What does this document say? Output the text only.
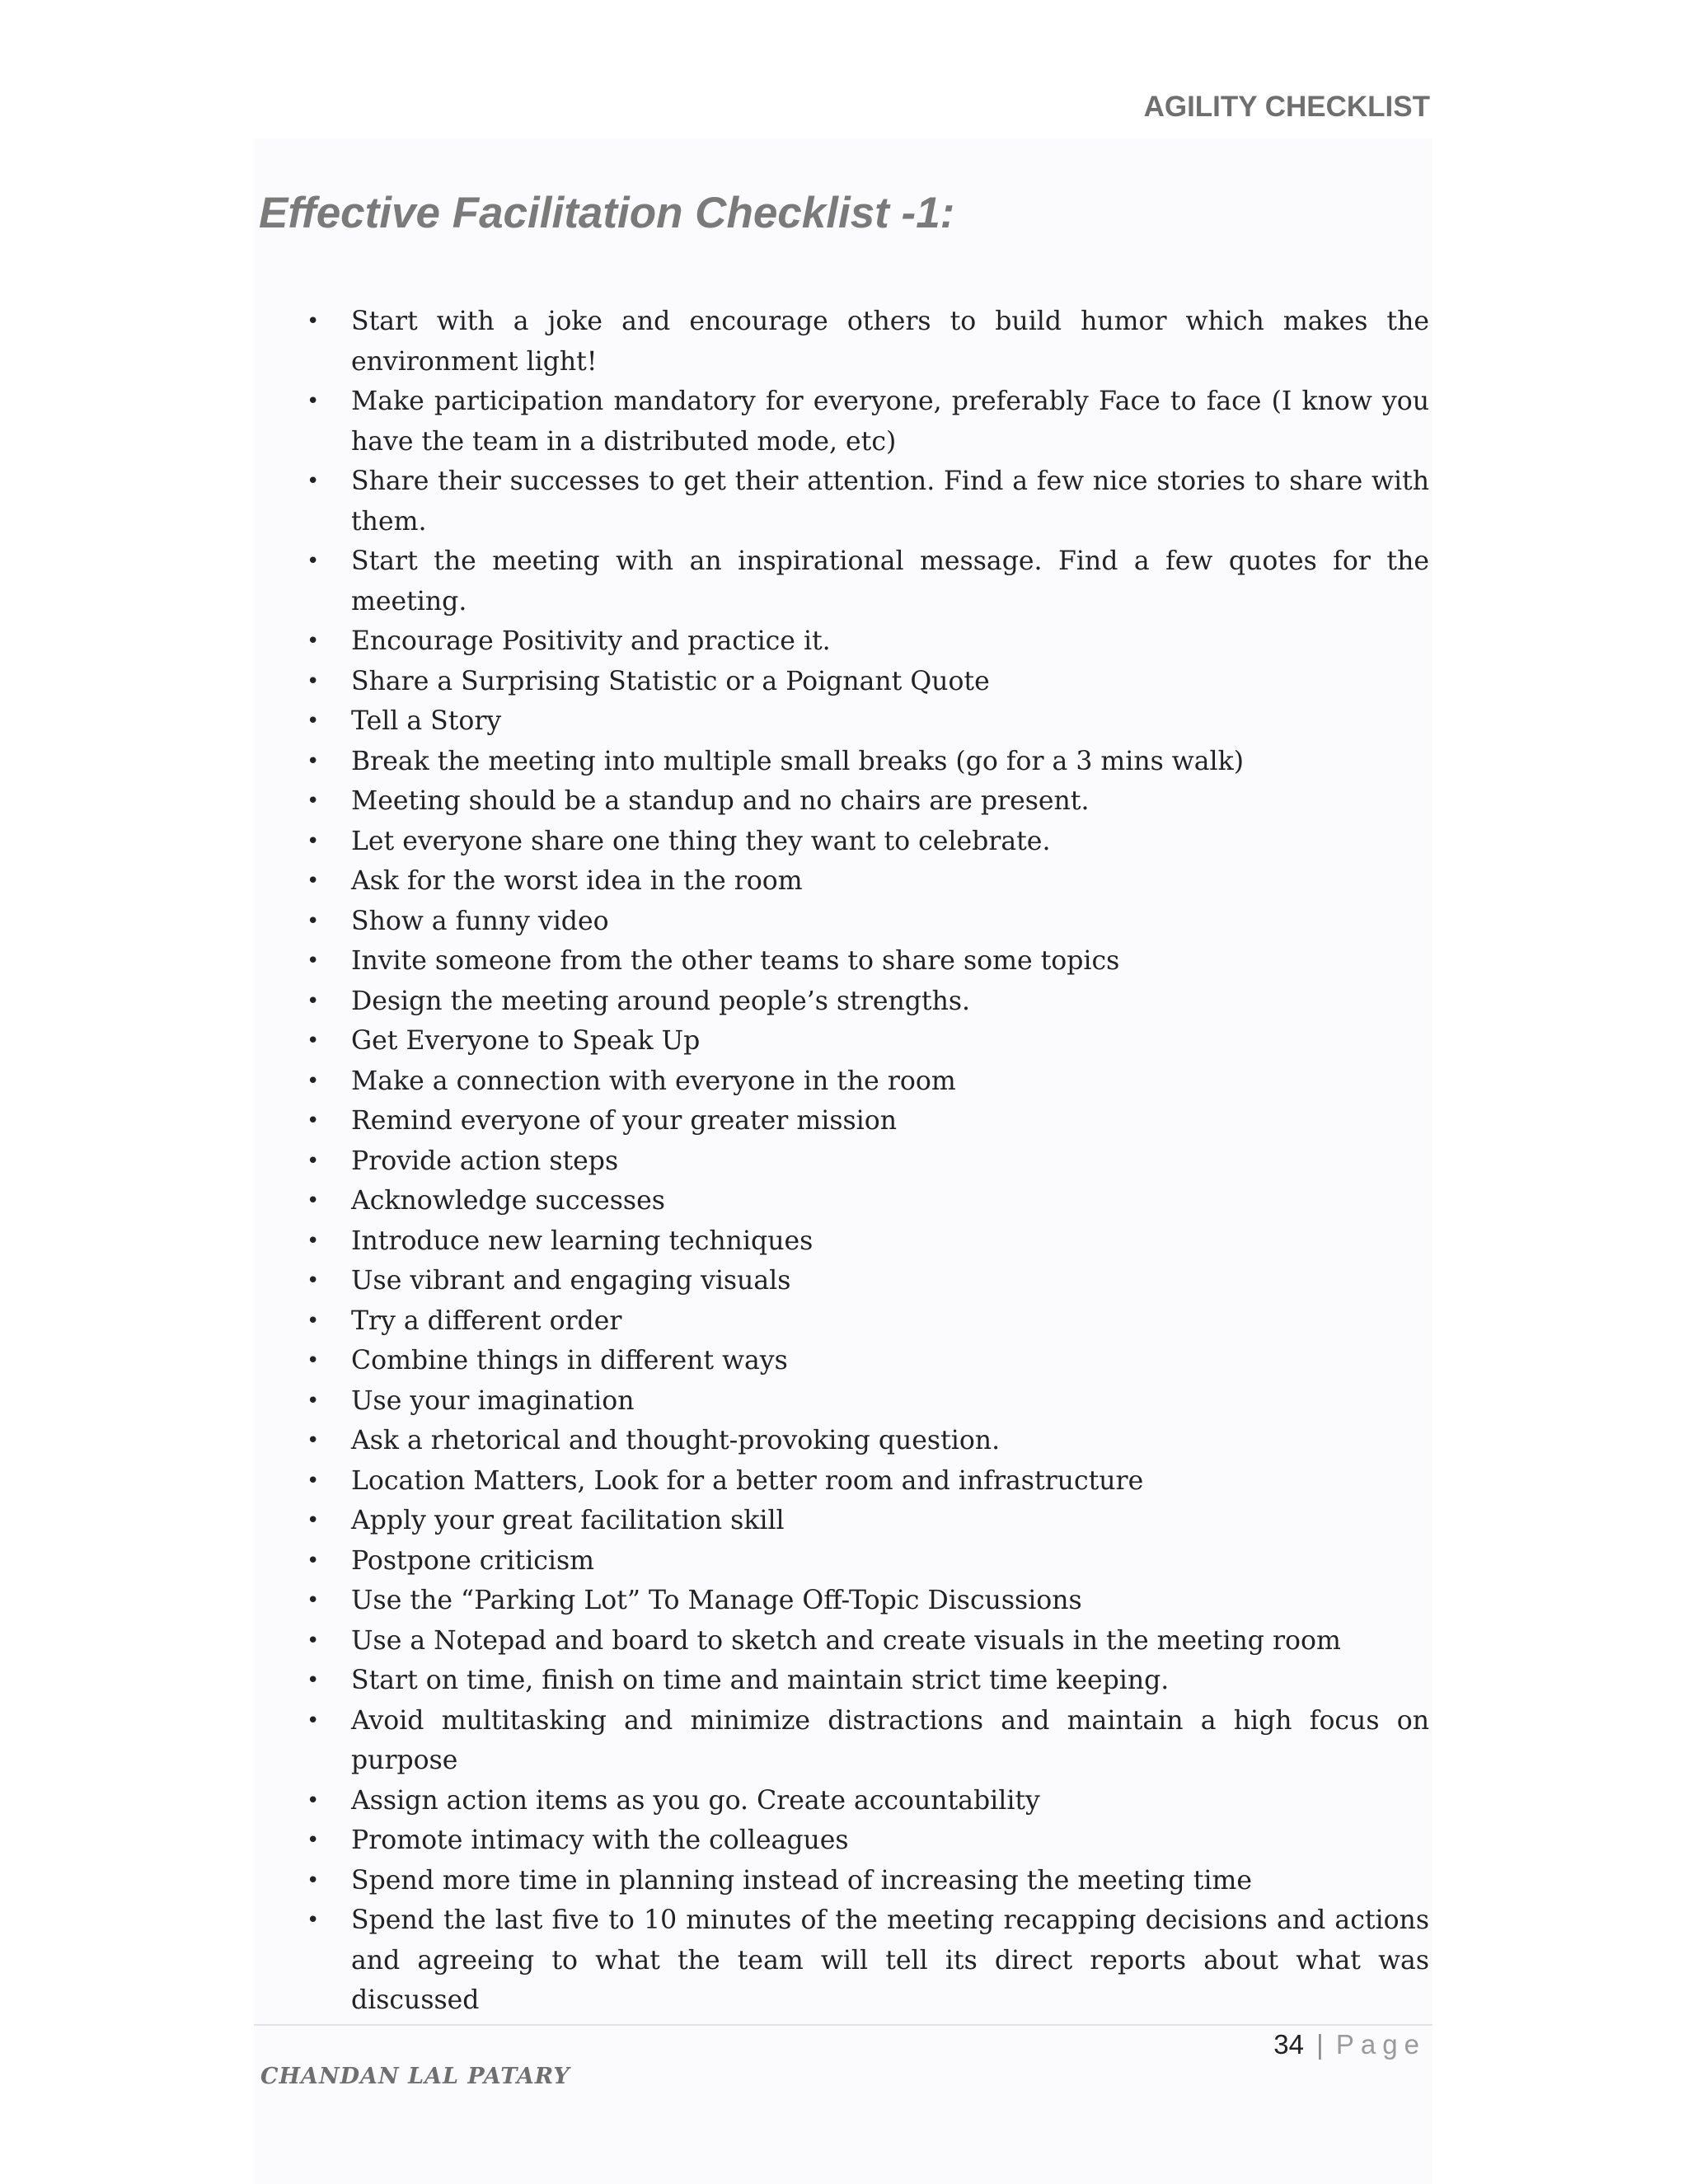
AGILITY CHECKLIST
Effective Facilitation Checklist -1:
• Start with a joke and encourage others to build humor which makes the environment light!
• Make participation mandatory for everyone, preferably Face to face (I know you have the team in a distributed mode, etc)
• Share their successes to get their attention. Find a few nice stories to share with them.
• Start the meeting with an inspirational message. Find a few quotes for the meeting.
• Encourage Positivity and practice it.
• Share a Surprising Statistic or a Poignant Quote
• Tell a Story
• Break the meeting into multiple small breaks (go for a 3 mins walk)
• Meeting should be a standup and no chairs are present.
• Let everyone share one thing they want to celebrate.
• Ask for the worst idea in the room
• Show a funny video
• Invite someone from the other teams to share some topics
• Design the meeting around people’s strengths.
• Get Everyone to Speak Up
• Make a connection with everyone in the room
• Remind everyone of your greater mission
• Provide action steps
• Acknowledge successes
• Introduce new learning techniques
• Use vibrant and engaging visuals
• Try a different order
• Combine things in different ways
• Use your imagination
• Ask a rhetorical and thought-provoking question.
• Location Matters, Look for a better room and infrastructure
• Apply your great facilitation skill
• Postpone criticism
• Use the “Parking Lot” To Manage Off-Topic Discussions
• Use a Notepad and board to sketch and create visuals in the meeting room
• Start on time, finish on time and maintain strict time keeping.
• Avoid multitasking and minimize distractions and maintain a high focus on purpose
• Assign action items as you go. Create accountability
• Promote intimacy with the colleagues
• Spend more time in planning instead of increasing the meeting time
• Spend the last five to 10 minutes of the meeting recapping decisions and actions and agreeing to what the team will tell its direct reports about what was discussed
34 | Page
CHANDAN LAL PATARY
